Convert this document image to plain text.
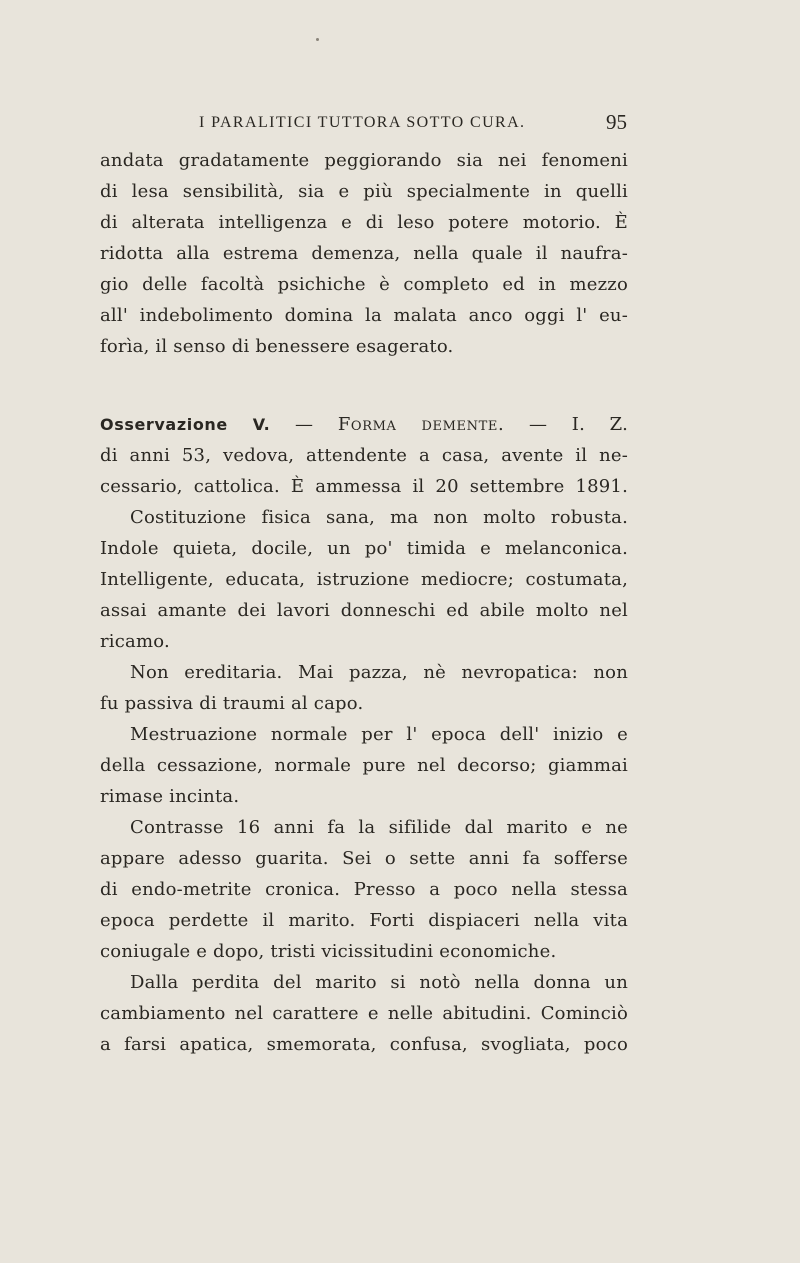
I PARALITICI TUTTORA SOTTO CURA.	95
andata gradatamente peggiorando sia nei fenomeni
di lesa sensibilità, sia e più specialmente in quelli
di alterata intelligenza e di leso potere motorio. È
ridotta alla estrema demenza, nella quale il naufra-
gio delle facoltà psichiche è completo ed in mezzo
all' indebolimento domina la malata anco oggi l' eu-
forìa, il senso di benessere esagerato.
Osservazione V. — Forma demente. — I. Z.
di anni 53, vedova, attendente a casa, avente il ne-
cessario, cattolica. È ammessa il 20 settembre 1891.
Costituzione fisica sana, ma non molto robusta.
Indole quieta, docile, un po' timida e melanconica.
Intelligente, educata, istruzione mediocre; costumata,
assai amante dei lavori donneschi ed abile molto nel
ricamo.
Non ereditaria. Mai pazza, nè nevropatica: non
fu passiva di traumi al capo.
Mestruazione normale per l' epoca dell' inizio e
della cessazione, normale pure nel decorso; giammai
rimase incinta.
Contrasse 16 anni fa la sifilide dal marito e ne
appare adesso guarita. Sei o sette anni fa sofferse
di endo-metrite cronica. Presso a poco nella stessa
epoca perdette il marito. Forti dispiaceri nella vita
coniugale e dopo, tristi vicissitudini economiche.
Dalla perdita del marito si notò nella donna un
cambiamento nel carattere e nelle abitudini. Cominciò
a farsi apatica, smemorata, confusa, svogliata, poco
